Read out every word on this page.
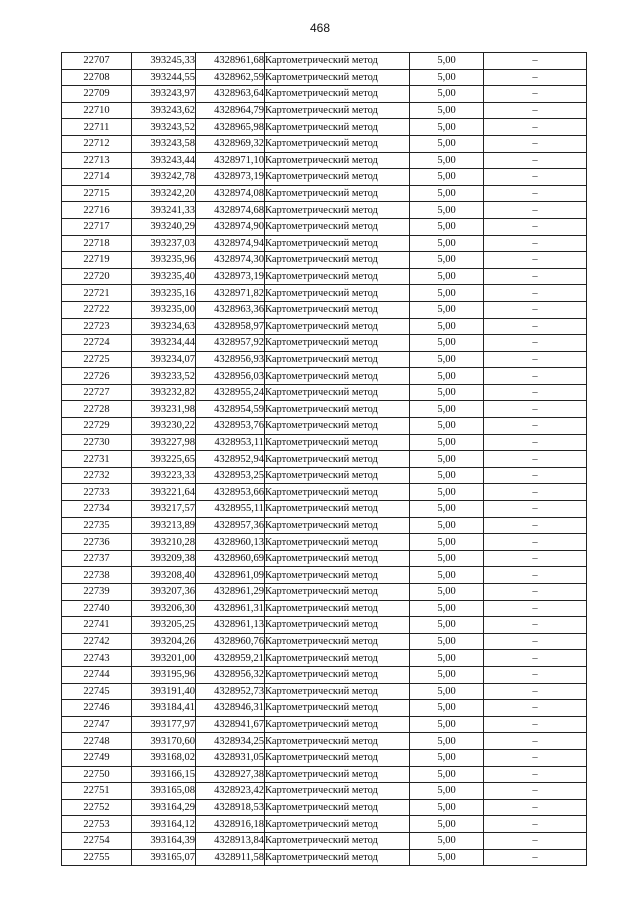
468
22707	393245,33	4328961,68	Картометрический метод	5,00	–
22708	393244,55	4328962,59	Картометрический метод	5,00	–
22709	393243,97	4328963,64	Картометрический метод	5,00	–
22710	393243,62	4328964,79	Картометрический метод	5,00	–
22711	393243,52	4328965,98	Картометрический метод	5,00	–
22712	393243,58	4328969,32	Картометрический метод	5,00	–
22713	393243,44	4328971,10	Картометрический метод	5,00	–
22714	393242,78	4328973,19	Картометрический метод	5,00	–
22715	393242,20	4328974,08	Картометрический метод	5,00	–
22716	393241,33	4328974,68	Картометрический метод	5,00	–
22717	393240,29	4328974,90	Картометрический метод	5,00	–
22718	393237,03	4328974,94	Картометрический метод	5,00	–
22719	393235,96	4328974,30	Картометрический метод	5,00	–
22720	393235,40	4328973,19	Картометрический метод	5,00	–
22721	393235,16	4328971,82	Картометрический метод	5,00	–
22722	393235,00	4328963,36	Картометрический метод	5,00	–
22723	393234,63	4328958,97	Картометрический метод	5,00	–
22724	393234,44	4328957,92	Картометрический метод	5,00	–
22725	393234,07	4328956,93	Картометрический метод	5,00	–
22726	393233,52	4328956,03	Картометрический метод	5,00	–
22727	393232,82	4328955,24	Картометрический метод	5,00	–
22728	393231,98	4328954,59	Картометрический метод	5,00	–
22729	393230,22	4328953,76	Картометрический метод	5,00	–
22730	393227,98	4328953,11	Картометрический метод	5,00	–
22731	393225,65	4328952,94	Картометрический метод	5,00	–
22732	393223,33	4328953,25	Картометрический метод	5,00	–
22733	393221,64	4328953,66	Картометрический метод	5,00	–
22734	393217,57	4328955,11	Картометрический метод	5,00	–
22735	393213,89	4328957,36	Картометрический метод	5,00	–
22736	393210,28	4328960,13	Картометрический метод	5,00	–
22737	393209,38	4328960,69	Картометрический метод	5,00	–
22738	393208,40	4328961,09	Картометрический метод	5,00	–
22739	393207,36	4328961,29	Картометрический метод	5,00	–
22740	393206,30	4328961,31	Картометрический метод	5,00	–
22741	393205,25	4328961,13	Картометрический метод	5,00	–
22742	393204,26	4328960,76	Картометрический метод	5,00	–
22743	393201,00	4328959,21	Картометрический метод	5,00	–
22744	393195,96	4328956,32	Картометрический метод	5,00	–
22745	393191,40	4328952,73	Картометрический метод	5,00	–
22746	393184,41	4328946,31	Картометрический метод	5,00	–
22747	393177,97	4328941,67	Картометрический метод	5,00	–
22748	393170,60	4328934,25	Картометрический метод	5,00	–
22749	393168,02	4328931,05	Картометрический метод	5,00	–
22750	393166,15	4328927,38	Картометрический метод	5,00	–
22751	393165,08	4328923,42	Картометрический метод	5,00	–
22752	393164,29	4328918,53	Картометрический метод	5,00	–
22753	393164,12	4328916,18	Картометрический метод	5,00	–
22754	393164,39	4328913,84	Картометрический метод	5,00	–
22755	393165,07	4328911,58	Картометрический метод	5,00	–
